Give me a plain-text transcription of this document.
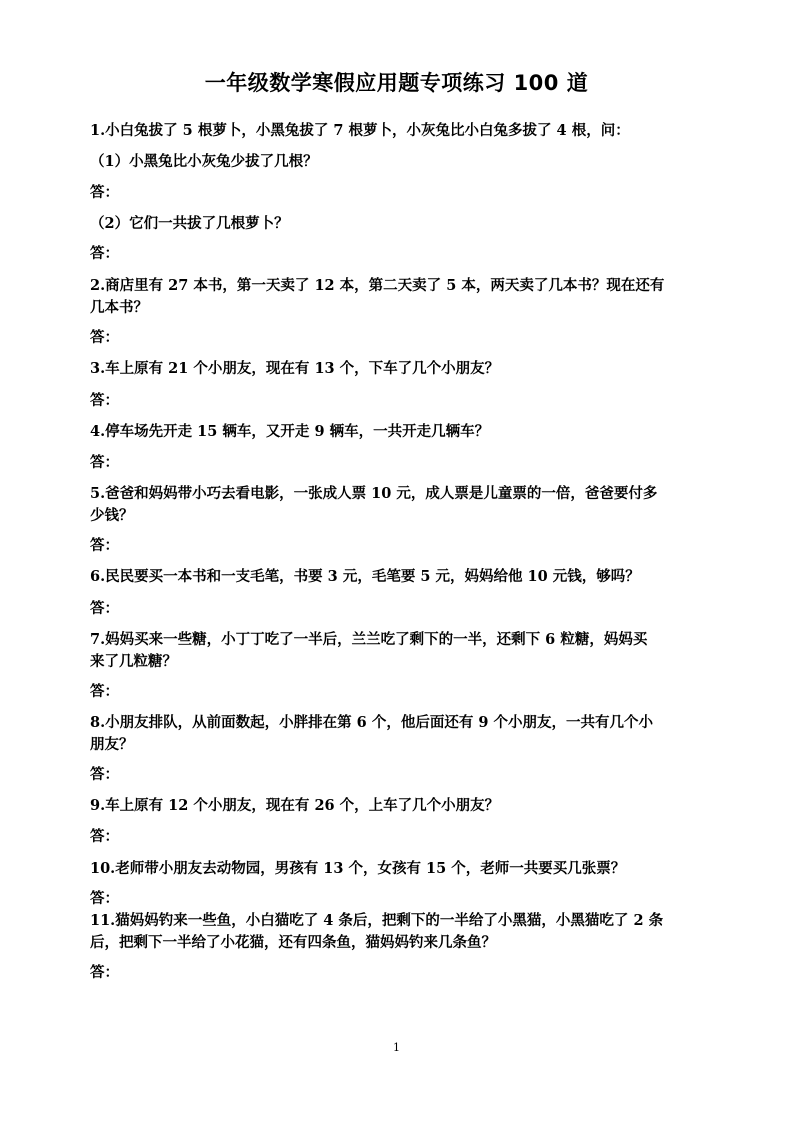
一年级数学寒假应用题专项练习 100 道
1.小白兔拔了 5 根萝卜，小黑兔拔了 7 根萝卜，小灰兔比小白兔多拔了 4 根，问：
（1）小黑兔比小灰兔少拔了几根？
答：
（2）它们一共拔了几根萝卜？
答：
2.商店里有 27 本书，第一天卖了 12 本，第二天卖了 5 本，两天卖了几本书？现在还有
几本书？
答：
3.车上原有 21 个小朋友，现在有 13 个，下车了几个小朋友？
答：
4.停车场先开走 15 辆车，又开走 9 辆车，一共开走几辆车？
答：
5.爸爸和妈妈带小巧去看电影，一张成人票 10 元，成人票是儿童票的一倍，爸爸要付多
少钱？
答：
6.民民要买一本书和一支毛笔，书要 3 元，毛笔要 5 元，妈妈给他 10 元钱，够吗？
答：
7.妈妈买来一些糖，小丁丁吃了一半后，兰兰吃了剩下的一半，还剩下 6 粒糖，妈妈买
来了几粒糖？
答：
8.小朋友排队，从前面数起，小胖排在第 6 个，他后面还有 9 个小朋友，一共有几个小
朋友？
答：
9.车上原有 12 个小朋友，现在有 26 个，上车了几个小朋友？
答：
10.老师带小朋友去动物园，男孩有 13 个，女孩有 15 个，老师一共要买几张票？
答：
11.猫妈妈钓来一些鱼，小白猫吃了 4 条后，把剩下的一半给了小黑猫，小黑猫吃了 2 条
后，把剩下一半给了小花猫，还有四条鱼，猫妈妈钓来几条鱼？
答：
1
